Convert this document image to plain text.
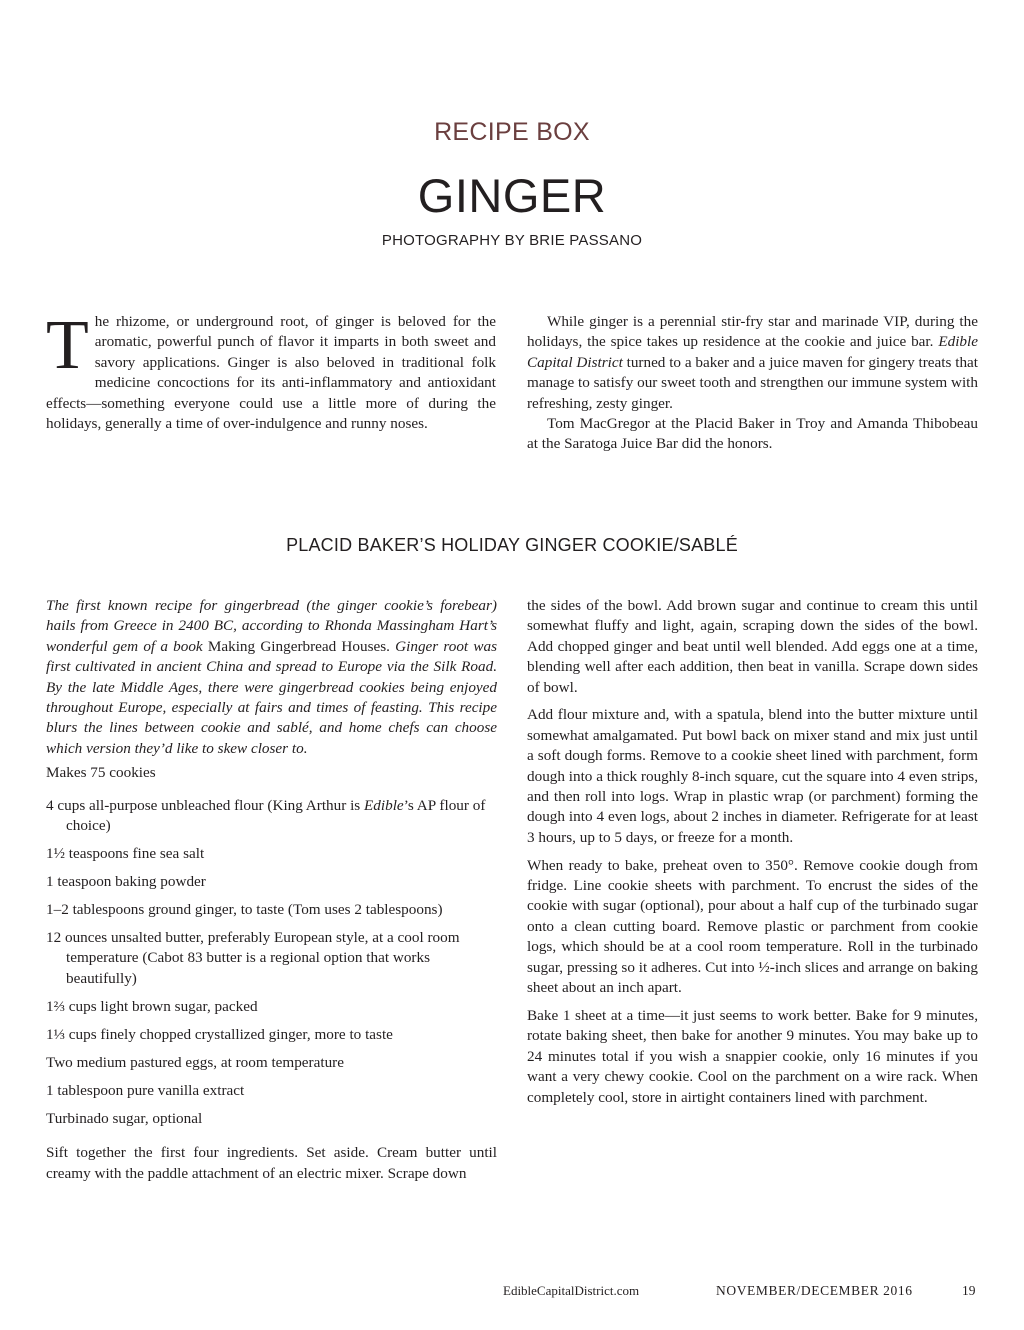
RECIPE BOX
GINGER
PHOTOGRAPHY BY BRIE PASSANO

The rhizome, or underground root, of ginger is beloved for the aromatic, powerful punch of flavor it imparts in both sweet and savory applications. Ginger is also beloved in traditional folk medicine concoctions for its anti-inflammatory and antioxidant effects—something everyone could use a little more of during the holidays, generally a time of over-indulgence and runny noses.

While ginger is a perennial stir-fry star and marinade VIP, during the holidays, the spice takes up residence at the cookie and juice bar. Edible Capital District turned to a baker and a juice maven for gingery treats that manage to satisfy our sweet tooth and strengthen our immune system with refreshing, zesty ginger.

Tom MacGregor at the Placid Baker in Troy and Amanda Thibobeau at the Saratoga Juice Bar did the honors.

PLACID BAKER’S HOLIDAY GINGER COOKIE/SABLÉ

The first known recipe for gingerbread (the ginger cookie’s forebear) hails from Greece in 2400 BC, according to Rhonda Massingham Hart’s wonderful gem of a book Making Gingerbread Houses. Ginger root was first cultivated in ancient China and spread to Europe via the Silk Road. By the late Middle Ages, there were gingerbread cookies being enjoyed throughout Europe, especially at fairs and times of feasting. This recipe blurs the lines between cookie and sablé, and home chefs can choose which version they’d like to skew closer to.

Makes 75 cookies

4 cups all-purpose unbleached flour (King Arthur is Edible’s AP flour of choice)
1½ teaspoons fine sea salt
1 teaspoon baking powder
1–2 tablespoons ground ginger, to taste (Tom uses 2 tablespoons)
12 ounces unsalted butter, preferably European style, at a cool room temperature (Cabot 83 butter is a regional option that works beautifully)
1⅔ cups light brown sugar, packed
1⅓ cups finely chopped crystallized ginger, more to taste
Two medium pastured eggs, at room temperature
1 tablespoon pure vanilla extract
Turbinado sugar, optional

Sift together the first four ingredients. Set aside. Cream butter until creamy with the paddle attachment of an electric mixer. Scrape down

the sides of the bowl. Add brown sugar and continue to cream this until somewhat fluffy and light, again, scraping down the sides of the bowl. Add chopped ginger and beat until well blended. Add eggs one at a time, blending well after each addition, then beat in vanilla. Scrape down sides of bowl.

Add flour mixture and, with a spatula, blend into the butter mixture until somewhat amalgamated. Put bowl back on mixer stand and mix just until a soft dough forms. Remove to a cookie sheet lined with parchment, form dough into a thick roughly 8-inch square, cut the square into 4 even strips, and then roll into logs. Wrap in plastic wrap (or parchment) forming the dough into 4 even logs, about 2 inches in diameter. Refrigerate for at least 3 hours, up to 5 days, or freeze for a month.

When ready to bake, preheat oven to 350°. Remove cookie dough from fridge. Line cookie sheets with parchment. To encrust the sides of the cookie with sugar (optional), pour about a half cup of the turbinado sugar onto a clean cutting board. Remove plastic or parchment from cookie logs, which should be at a cool room temperature. Roll in the turbinado sugar, pressing so it adheres. Cut into ½-inch slices and arrange on baking sheet about an inch apart.

Bake 1 sheet at a time—it just seems to work better. Bake for 9 minutes, rotate baking sheet, then bake for another 9 minutes. You may bake up to 24 minutes total if you wish a snappier cookie, only 16 minutes if you want a very chewy cookie. Cool on the parchment on a wire rack. When completely cool, store in airtight containers lined with parchment.

EdibleCapitalDistrict.com	NOVEMBER/DECEMBER 2016	19
